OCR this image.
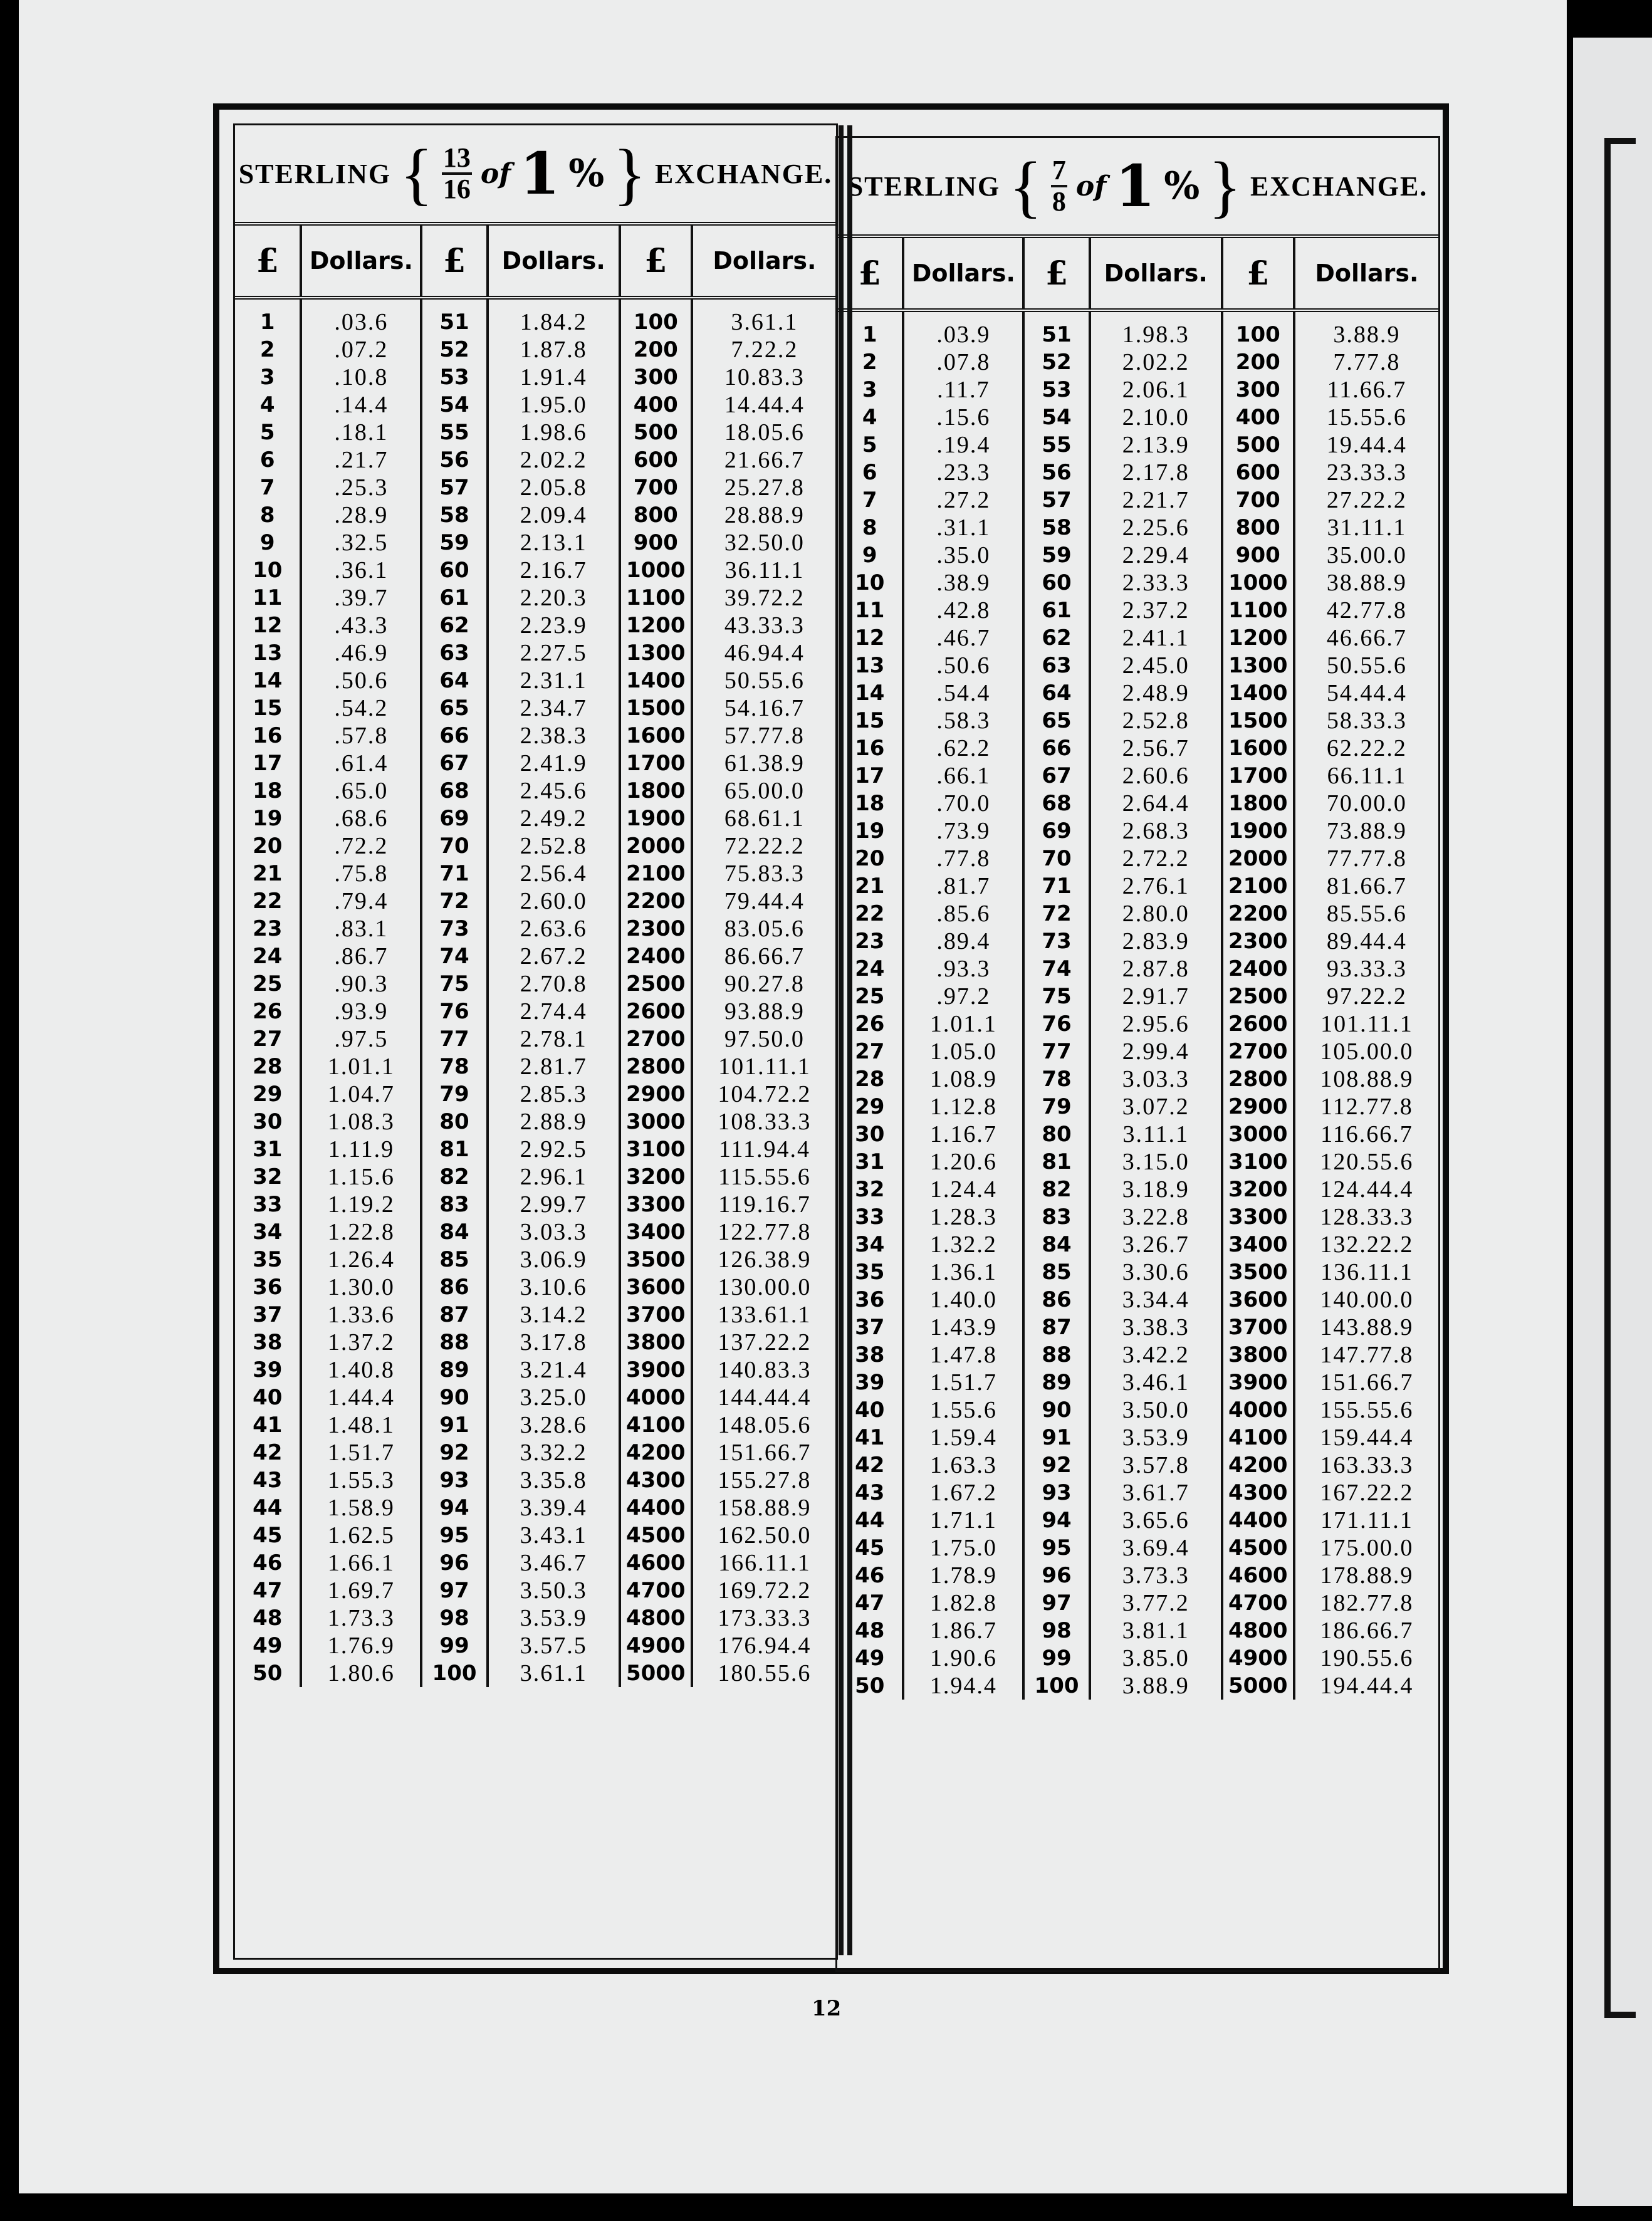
STERLING { $\frac{13}{16}$ of 1 % } EXCHANGE.
£	Dollars.	£	Dollars.	£	Dollars.
1	.03.6	51	1.84.2	100	3.61.1
2	.07.2	52	1.87.8	200	7.22.2
3	.10.8	53	1.91.4	300	10.83.3
4	.14.4	54	1.95.0	400	14.44.4
5	.18.1	55	1.98.6	500	18.05.6
6	.21.7	56	2.02.2	600	21.66.7
7	.25.3	57	2.05.8	700	25.27.8
8	.28.9	58	2.09.4	800	28.88.9
9	.32.5	59	2.13.1	900	32.50.0
10	.36.1	60	2.16.7	1000	36.11.1
11	.39.7	61	2.20.3	1100	39.72.2
12	.43.3	62	2.23.9	1200	43.33.3
13	.46.9	63	2.27.5	1300	46.94.4
14	.50.6	64	2.31.1	1400	50.55.6
15	.54.2	65	2.34.7	1500	54.16.7
16	.57.8	66	2.38.3	1600	57.77.8
17	.61.4	67	2.41.9	1700	61.38.9
18	.65.0	68	2.45.6	1800	65.00.0
19	.68.6	69	2.49.2	1900	68.61.1
20	.72.2	70	2.52.8	2000	72.22.2
21	.75.8	71	2.56.4	2100	75.83.3
22	.79.4	72	2.60.0	2200	79.44.4
23	.83.1	73	2.63.6	2300	83.05.6
24	.86.7	74	2.67.2	2400	86.66.7
25	.90.3	75	2.70.8	2500	90.27.8
26	.93.9	76	2.74.4	2600	93.88.9
27	.97.5	77	2.78.1	2700	97.50.0
28	1.01.1	78	2.81.7	2800	101.11.1
29	1.04.7	79	2.85.3	2900	104.72.2
30	1.08.3	80	2.88.9	3000	108.33.3
31	1.11.9	81	2.92.5	3100	111.94.4
32	1.15.6	82	2.96.1	3200	115.55.6
33	1.19.2	83	2.99.7	3300	119.16.7
34	1.22.8	84	3.03.3	3400	122.77.8
35	1.26.4	85	3.06.9	3500	126.38.9
36	1.30.0	86	3.10.6	3600	130.00.0
37	1.33.6	87	3.14.2	3700	133.61.1
38	1.37.2	88	3.17.8	3800	137.22.2
39	1.40.8	89	3.21.4	3900	140.83.3
40	1.44.4	90	3.25.0	4000	144.44.4
41	1.48.1	91	3.28.6	4100	148.05.6
42	1.51.7	92	3.32.2	4200	151.66.7
43	1.55.3	93	3.35.8	4300	155.27.8
44	1.58.9	94	3.39.4	4400	158.88.9
45	1.62.5	95	3.43.1	4500	162.50.0
46	1.66.1	96	3.46.7	4600	166.11.1
47	1.69.7	97	3.50.3	4700	169.72.2
48	1.73.3	98	3.53.9	4800	173.33.3
49	1.76.9	99	3.57.5	4900	176.94.4
50	1.80.6	100	3.61.1	5000	180.55.6
STERLING { $\frac{7}{8}$ of 1 % } EXCHANGE.
£	Dollars.	£	Dollars.	£	Dollars.
1	.03.9	51	1.98.3	100	3.88.9
2	.07.8	52	2.02.2	200	7.77.8
3	.11.7	53	2.06.1	300	11.66.7
4	.15.6	54	2.10.0	400	15.55.6
5	.19.4	55	2.13.9	500	19.44.4
6	.23.3	56	2.17.8	600	23.33.3
7	.27.2	57	2.21.7	700	27.22.2
8	.31.1	58	2.25.6	800	31.11.1
9	.35.0	59	2.29.4	900	35.00.0
10	.38.9	60	2.33.3	1000	38.88.9
11	.42.8	61	2.37.2	1100	42.77.8
12	.46.7	62	2.41.1	1200	46.66.7
13	.50.6	63	2.45.0	1300	50.55.6
14	.54.4	64	2.48.9	1400	54.44.4
15	.58.3	65	2.52.8	1500	58.33.3
16	.62.2	66	2.56.7	1600	62.22.2
17	.66.1	67	2.60.6	1700	66.11.1
18	.70.0	68	2.64.4	1800	70.00.0
19	.73.9	69	2.68.3	1900	73.88.9
20	.77.8	70	2.72.2	2000	77.77.8
21	.81.7	71	2.76.1	2100	81.66.7
22	.85.6	72	2.80.0	2200	85.55.6
23	.89.4	73	2.83.9	2300	89.44.4
24	.93.3	74	2.87.8	2400	93.33.3
25	.97.2	75	2.91.7	2500	97.22.2
26	1.01.1	76	2.95.6	2600	101.11.1
27	1.05.0	77	2.99.4	2700	105.00.0
28	1.08.9	78	3.03.3	2800	108.88.9
29	1.12.8	79	3.07.2	2900	112.77.8
30	1.16.7	80	3.11.1	3000	116.66.7
31	1.20.6	81	3.15.0	3100	120.55.6
32	1.24.4	82	3.18.9	3200	124.44.4
33	1.28.3	83	3.22.8	3300	128.33.3
34	1.32.2	84	3.26.7	3400	132.22.2
35	1.36.1	85	3.30.6	3500	136.11.1
36	1.40.0	86	3.34.4	3600	140.00.0
37	1.43.9	87	3.38.3	3700	143.88.9
38	1.47.8	88	3.42.2	3800	147.77.8
39	1.51.7	89	3.46.1	3900	151.66.7
40	1.55.6	90	3.50.0	4000	155.55.6
41	1.59.4	91	3.53.9	4100	159.44.4
42	1.63.3	92	3.57.8	4200	163.33.3
43	1.67.2	93	3.61.7	4300	167.22.2
44	1.71.1	94	3.65.6	4400	171.11.1
45	1.75.0	95	3.69.4	4500	175.00.0
46	1.78.9	96	3.73.3	4600	178.88.9
47	1.82.8	97	3.77.2	4700	182.77.8
48	1.86.7	98	3.81.1	4800	186.66.7
49	1.90.6	99	3.85.0	4900	190.55.6
50	1.94.4	100	3.88.9	5000	194.44.4
12
